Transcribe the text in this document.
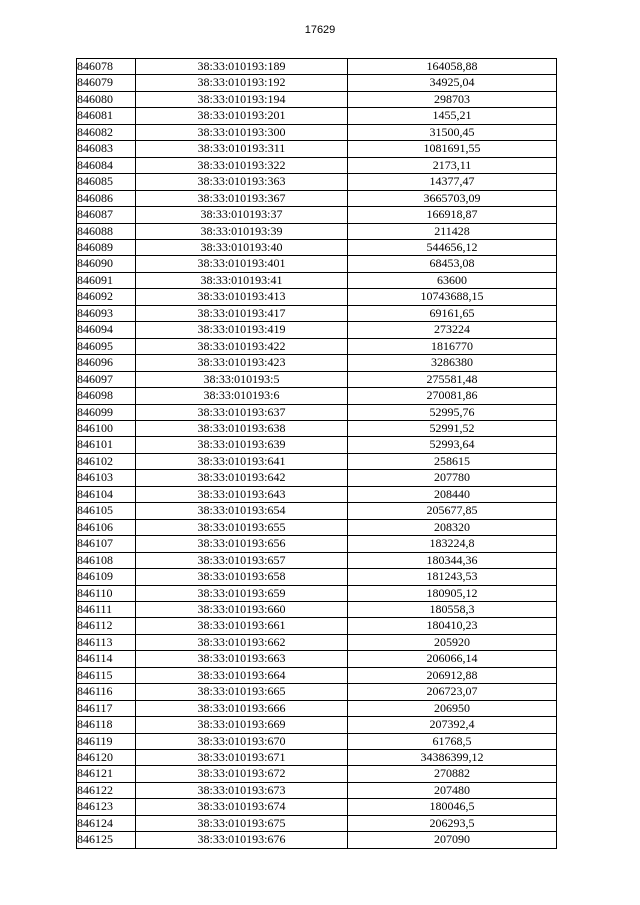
17629
846078	38:33:010193:189	164058,88
846079	38:33:010193:192	34925,04
846080	38:33:010193:194	298703
846081	38:33:010193:201	1455,21
846082	38:33:010193:300	31500,45
846083	38:33:010193:311	1081691,55
846084	38:33:010193:322	2173,11
846085	38:33:010193:363	14377,47
846086	38:33:010193:367	3665703,09
846087	38:33:010193:37	166918,87
846088	38:33:010193:39	211428
846089	38:33:010193:40	544656,12
846090	38:33:010193:401	68453,08
846091	38:33:010193:41	63600
846092	38:33:010193:413	10743688,15
846093	38:33:010193:417	69161,65
846094	38:33:010193:419	273224
846095	38:33:010193:422	1816770
846096	38:33:010193:423	3286380
846097	38:33:010193:5	275581,48
846098	38:33:010193:6	270081,86
846099	38:33:010193:637	52995,76
846100	38:33:010193:638	52991,52
846101	38:33:010193:639	52993,64
846102	38:33:010193:641	258615
846103	38:33:010193:642	207780
846104	38:33:010193:643	208440
846105	38:33:010193:654	205677,85
846106	38:33:010193:655	208320
846107	38:33:010193:656	183224,8
846108	38:33:010193:657	180344,36
846109	38:33:010193:658	181243,53
846110	38:33:010193:659	180905,12
846111	38:33:010193:660	180558,3
846112	38:33:010193:661	180410,23
846113	38:33:010193:662	205920
846114	38:33:010193:663	206066,14
846115	38:33:010193:664	206912,88
846116	38:33:010193:665	206723,07
846117	38:33:010193:666	206950
846118	38:33:010193:669	207392,4
846119	38:33:010193:670	61768,5
846120	38:33:010193:671	34386399,12
846121	38:33:010193:672	270882
846122	38:33:010193:673	207480
846123	38:33:010193:674	180046,5
846124	38:33:010193:675	206293,5
846125	38:33:010193:676	207090
